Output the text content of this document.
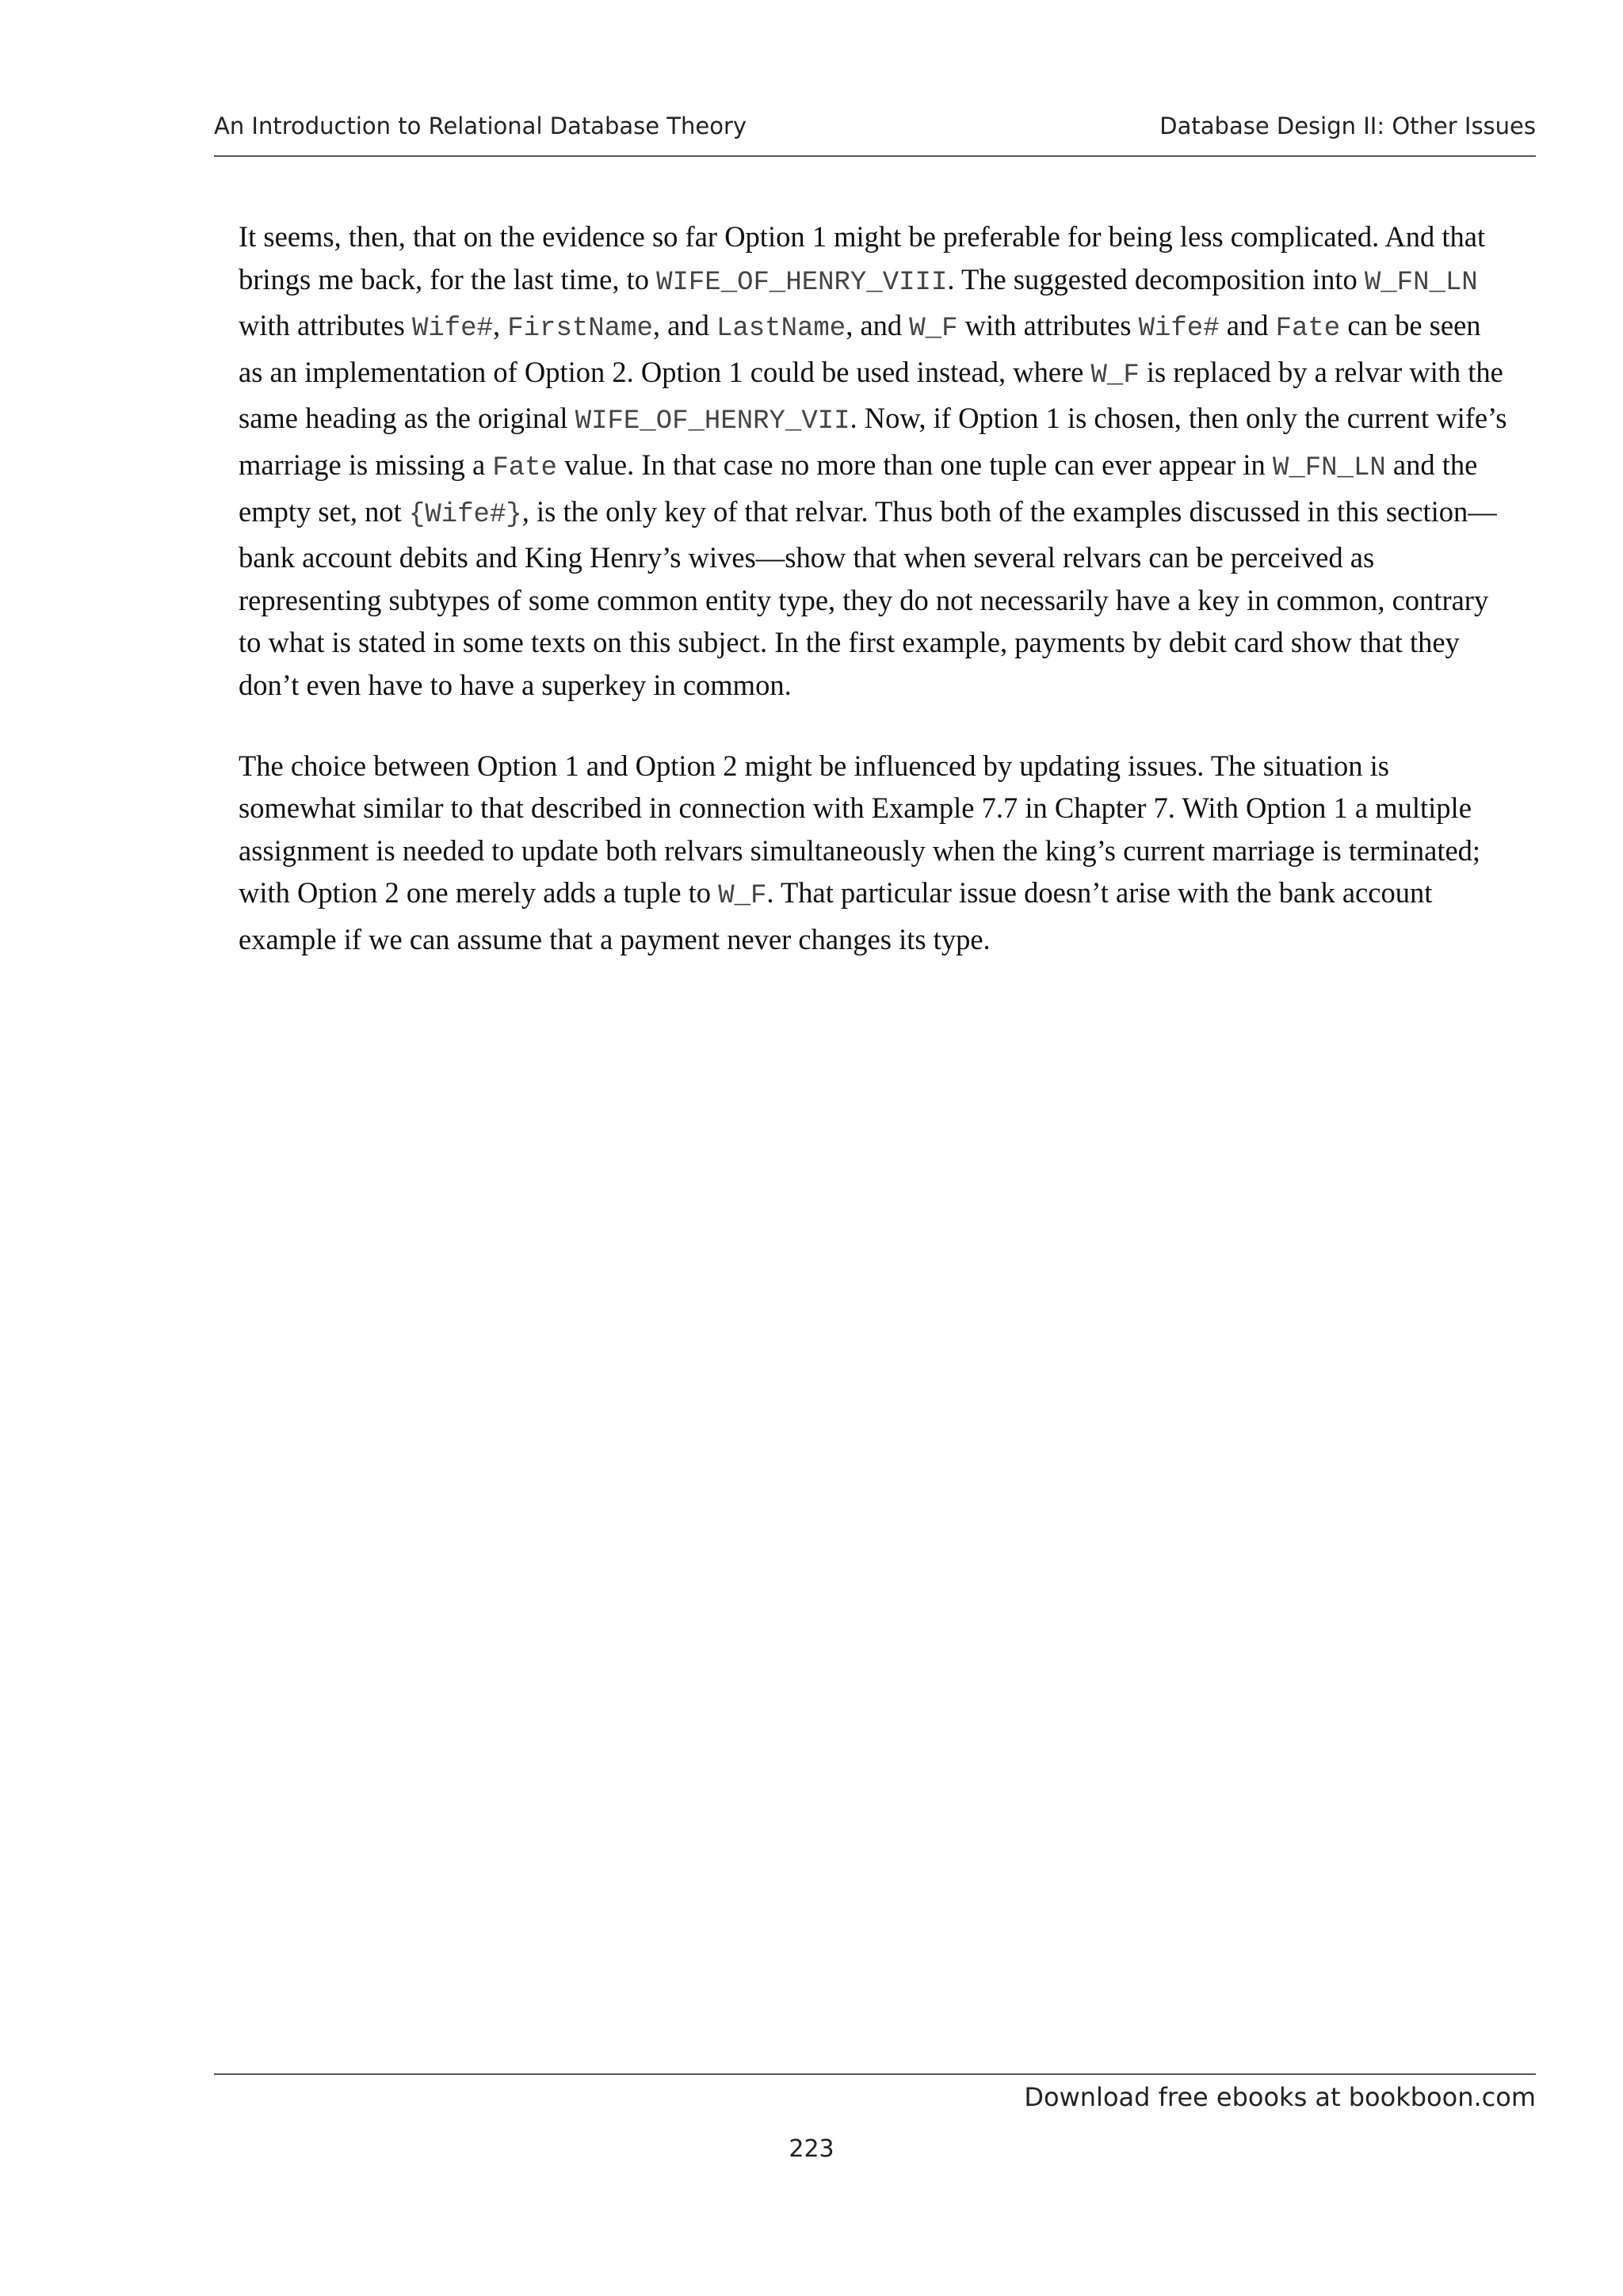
An Introduction to Relational Database Theory	Database Design II: Other Issues

It seems, then, that on the evidence so far Option 1 might be preferable for being less complicated. And that brings me back, for the last time, to WIFE_OF_HENRY_VIII. The suggested decomposition into W_FN_LN with attributes Wife#, FirstName, and LastName, and W_F with attributes Wife# and Fate can be seen as an implementation of Option 2. Option 1 could be used instead, where W_F is replaced by a relvar with the same heading as the original WIFE_OF_HENRY_VII. Now, if Option 1 is chosen, then only the current wife’s marriage is missing a Fate value. In that case no more than one tuple can ever appear in W_FN_LN and the empty set, not {Wife#}, is the only key of that relvar. Thus both of the examples discussed in this section—bank account debits and King Henry’s wives—show that when several relvars can be perceived as representing subtypes of some common entity type, they do not necessarily have a key in common, contrary to what is stated in some texts on this subject. In the first example, payments by debit card show that they don’t even have to have a superkey in common.

The choice between Option 1 and Option 2 might be influenced by updating issues. The situation is somewhat similar to that described in connection with Example 7.7 in Chapter 7. With Option 1 a multiple assignment is needed to update both relvars simultaneously when the king’s current marriage is terminated; with Option 2 one merely adds a tuple to W_F. That particular issue doesn’t arise with the bank account example if we can assume that a payment never changes its type.

Download free ebooks at bookboon.com
223
